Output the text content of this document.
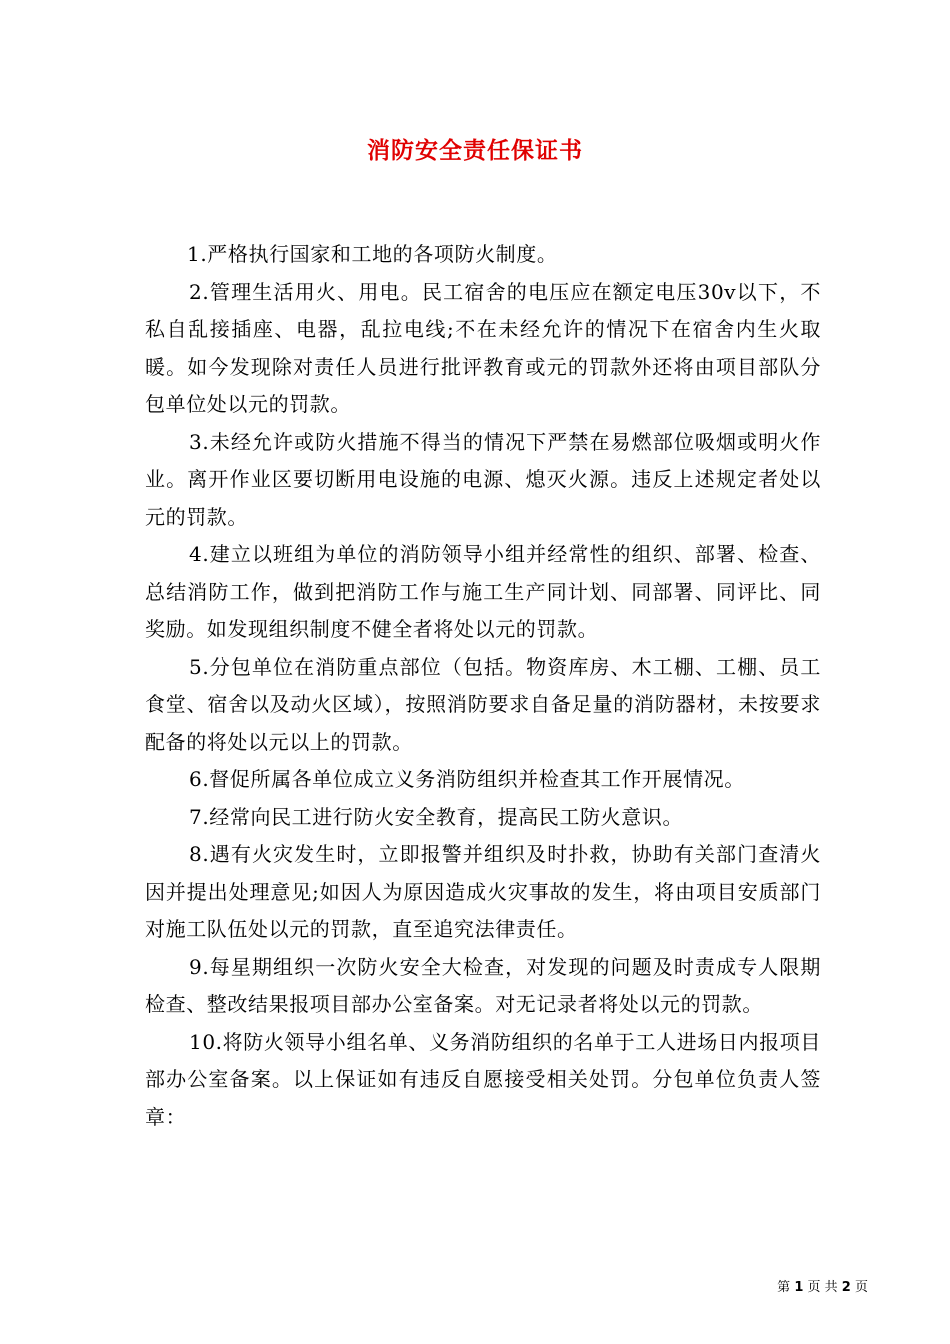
消防安全责任保证书

1.严格执行国家和工地的各项防火制度。

2.管理生活用火、用电。民工宿舍的电压应在额定电压30v以下，不私自乱接插座、电器，乱拉电线;不在未经允许的情况下在宿舍内生火取暖。如今发现除对责任人员进行批评教育或元的罚款外还将由项目部队分包单位处以元的罚款。

3.未经允许或防火措施不得当的情况下严禁在易燃部位吸烟或明火作业。离开作业区要切断用电设施的电源、熄灭火源。违反上述规定者处以元的罚款。

4.建立以班组为单位的消防领导小组并经常性的组织、部署、检查、总结消防工作，做到把消防工作与施工生产同计划、同部署、同评比、同奖励。如发现组织制度不健全者将处以元的罚款。

5.分包单位在消防重点部位（包括。物资库房、木工棚、工棚、员工食堂、宿舍以及动火区域），按照消防要求自备足量的消防器材，未按要求配备的将处以元以上的罚款。

6.督促所属各单位成立义务消防组织并检查其工作开展情况。

7.经常向民工进行防火安全教育，提高民工防火意识。

8.遇有火灾发生时，立即报警并组织及时扑救，协助有关部门查清火因并提出处理意见;如因人为原因造成火灾事故的发生，将由项目安质部门对施工队伍处以元的罚款，直至追究法律责任。

9.每星期组织一次防火安全大检查，对发现的问题及时责成专人限期检查、整改结果报项目部办公室备案。对无记录者将处以元的罚款。

10.将防火领导小组名单、义务消防组织的名单于工人进场日内报项目部办公室备案。以上保证如有违反自愿接受相关处罚。分包单位负责人签章：

第 1 页 共 2 页
